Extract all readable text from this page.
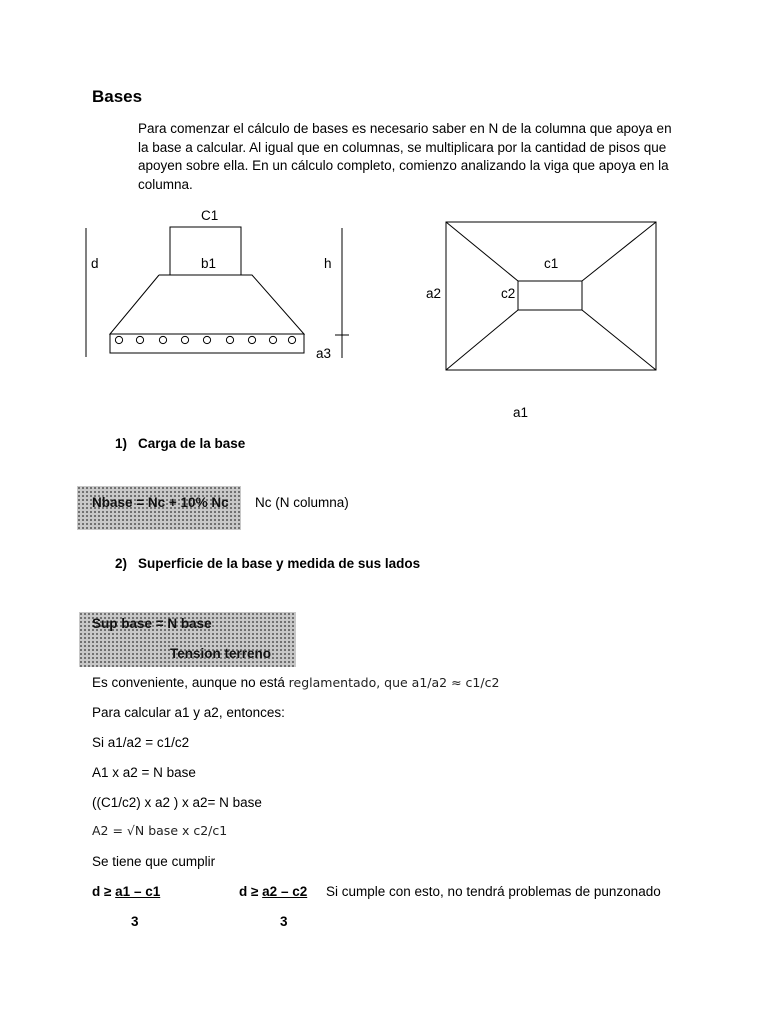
Bases
Para comenzar el cálculo de bases es necesario saber en N de la columna que apoya en
la base a calcular. Al igual que en columnas, se multiplicara por la cantidad de pisos que
apoyen sobre ella. En un cálculo completo, comienzo analizando la viga que apoya en la
columna.
C1
d	b1	h
a3
c1
a2	c2
a1
1) Carga de la base
Nbase = Nc + 10% Nc Nc (N columna)
2) Superficie de la base y medida de sus lados
Sup base = N base
Tension terreno
Es conveniente, aunque no está reglamentado, que a1/a2 ≈ c1/c2
Para calcular a1 y a2, entonces:
Si a1/a2 = c1/c2
A1 x a2 = N base
((C1/c2) x a2 ) x a2= N base
A2 = √N base x c2/c1
Se tiene que cumplir
d ≥ a1 – c1
3
d ≥ a2 – c2
3
Si cumple con esto, no tendrá problemas de punzonado
